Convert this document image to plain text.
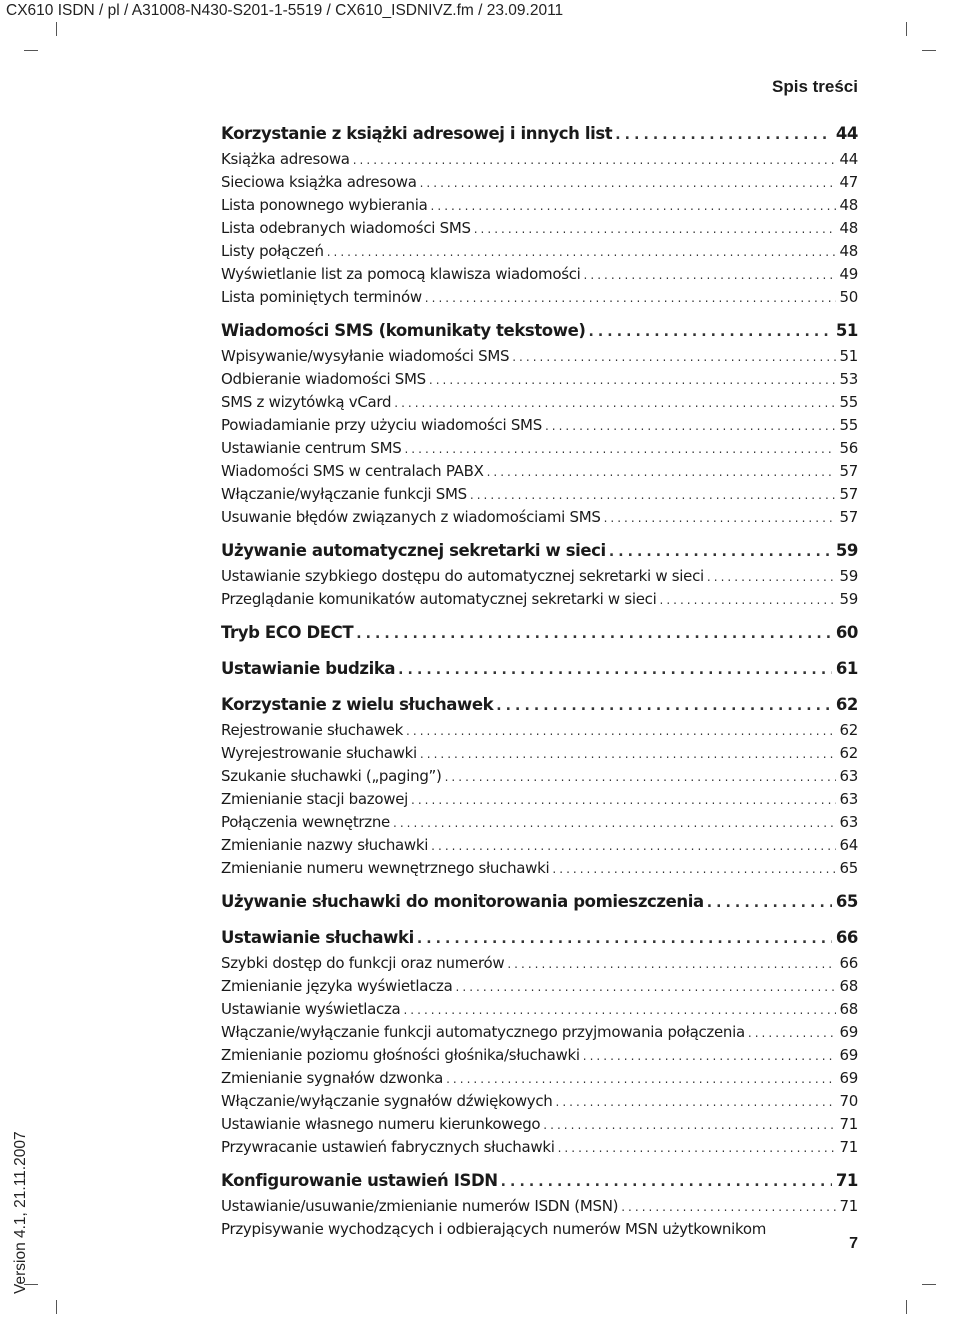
CX610 ISDN / pl / A31008-N430-S201-1-5519 / CX610_ISDNIVZ.fm / 23.09.2011
Spis treści
Korzystanie z książki adresowej i innych list . . .	44
Książka adresowa . . .	44
Sieciowa książka adresowa . . .	47
Lista ponownego wybierania . . .	48
Lista odebranych wiadomości SMS . . .	48
Listy połączeń . . .	48
Wyświetlanie list za pomocą klawisza wiadomości . . .	49
Lista pominiętych terminów . . .	50
Wiadomości SMS (komunikaty tekstowe) . . .	51
Wpisywanie/wysyłanie wiadomości SMS . . .	51
Odbieranie wiadomości SMS . . .	53
SMS z wizytówką vCard . . .	55
Powiadamianie przy użyciu wiadomości SMS . . .	55
Ustawianie centrum SMS . . .	56
Wiadomości SMS w centralach PABX . . .	57
Włączanie/wyłączanie funkcji SMS . . .	57
Usuwanie błędów związanych z wiadomościami SMS . . .	57
Używanie automatycznej sekretarki w sieci . . .	59
Ustawianie szybkiego dostępu do automatycznej sekretarki w sieci . . .	59
Przeglądanie komunikatów automatycznej sekretarki w sieci . . .	59
Tryb ECO DECT . . .	60
Ustawianie budzika . . .	61
Korzystanie z wielu słuchawek . . .	62
Rejestrowanie słuchawek . . .	62
Wyrejestrowanie słuchawki . . .	62
Szukanie słuchawki („paging”) . . .	63
Zmienianie stacji bazowej . . .	63
Połączenia wewnętrzne . . .	63
Zmienianie nazwy słuchawki . . .	64
Zmienianie numeru wewnętrznego słuchawki . . .	65
Używanie słuchawki do monitorowania pomieszczenia . . .	65
Ustawianie słuchawki . . .	66
Szybki dostęp do funkcji oraz numerów . . .	66
Zmienianie języka wyświetlacza . . .	68
Ustawianie wyświetlacza . . .	68
Włączanie/wyłączanie funkcji automatycznego przyjmowania połączenia . . .	69
Zmienianie poziomu głośności głośnika/słuchawki . . .	69
Zmienianie sygnałów dzwonka . . .	69
Włączanie/wyłączanie sygnałów dźwiękowych . . .	70
Ustawianie własnego numeru kierunkowego . . .	71
Przywracanie ustawień fabrycznych słuchawki . . .	71
Konfigurowanie ustawień ISDN . . .	71
Ustawianie/usuwanie/zmienianie numerów ISDN (MSN) . . .	71
Przypisywanie wychodzących i odbierających numerów MSN użytkownikom
Version 4.1, 21.11.2007	7
